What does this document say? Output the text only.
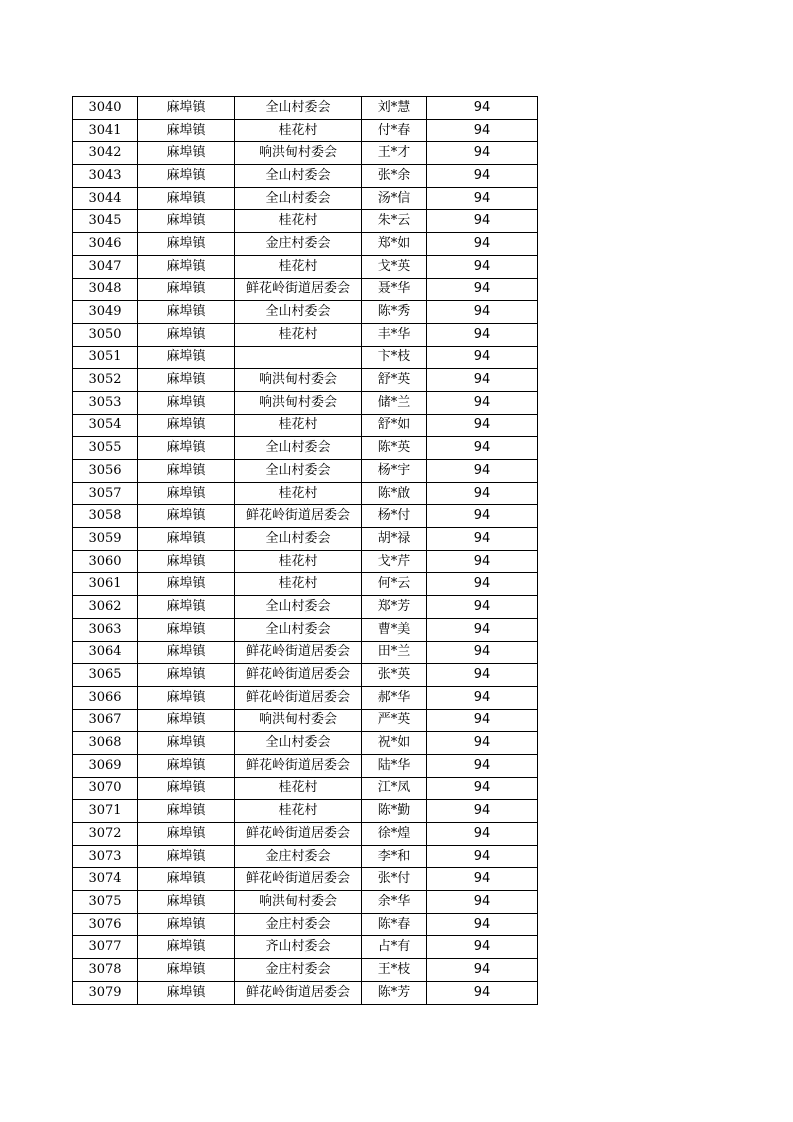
3040	麻埠镇	全山村委会	刘*慧	94
3041	麻埠镇	桂花村	付*春	94
3042	麻埠镇	响洪甸村委会	王*才	94
3043	麻埠镇	全山村委会	张*余	94
3044	麻埠镇	全山村委会	汤*信	94
3045	麻埠镇	桂花村	朱*云	94
3046	麻埠镇	金庄村委会	郑*如	94
3047	麻埠镇	桂花村	戈*英	94
3048	麻埠镇	鲜花岭街道居委会	聂*华	94
3049	麻埠镇	全山村委会	陈*秀	94
3050	麻埠镇	桂花村	丰*华	94
3051	麻埠镇		卞*枝	94
3052	麻埠镇	响洪甸村委会	舒*英	94
3053	麻埠镇	响洪甸村委会	储*兰	94
3054	麻埠镇	桂花村	舒*如	94
3055	麻埠镇	全山村委会	陈*英	94
3056	麻埠镇	全山村委会	杨*宇	94
3057	麻埠镇	桂花村	陈*啟	94
3058	麻埠镇	鲜花岭街道居委会	杨*付	94
3059	麻埠镇	全山村委会	胡*禄	94
3060	麻埠镇	桂花村	戈*芹	94
3061	麻埠镇	桂花村	何*云	94
3062	麻埠镇	全山村委会	郑*芳	94
3063	麻埠镇	全山村委会	曹*美	94
3064	麻埠镇	鲜花岭街道居委会	田*兰	94
3065	麻埠镇	鲜花岭街道居委会	张*英	94
3066	麻埠镇	鲜花岭街道居委会	郝*华	94
3067	麻埠镇	响洪甸村委会	严*英	94
3068	麻埠镇	全山村委会	祝*如	94
3069	麻埠镇	鲜花岭街道居委会	陆*华	94
3070	麻埠镇	桂花村	江*凤	94
3071	麻埠镇	桂花村	陈*勤	94
3072	麻埠镇	鲜花岭街道居委会	徐*煌	94
3073	麻埠镇	金庄村委会	李*和	94
3074	麻埠镇	鲜花岭街道居委会	张*付	94
3075	麻埠镇	响洪甸村委会	余*华	94
3076	麻埠镇	金庄村委会	陈*春	94
3077	麻埠镇	齐山村委会	占*有	94
3078	麻埠镇	金庄村委会	王*枝	94
3079	麻埠镇	鲜花岭街道居委会	陈*芳	94
